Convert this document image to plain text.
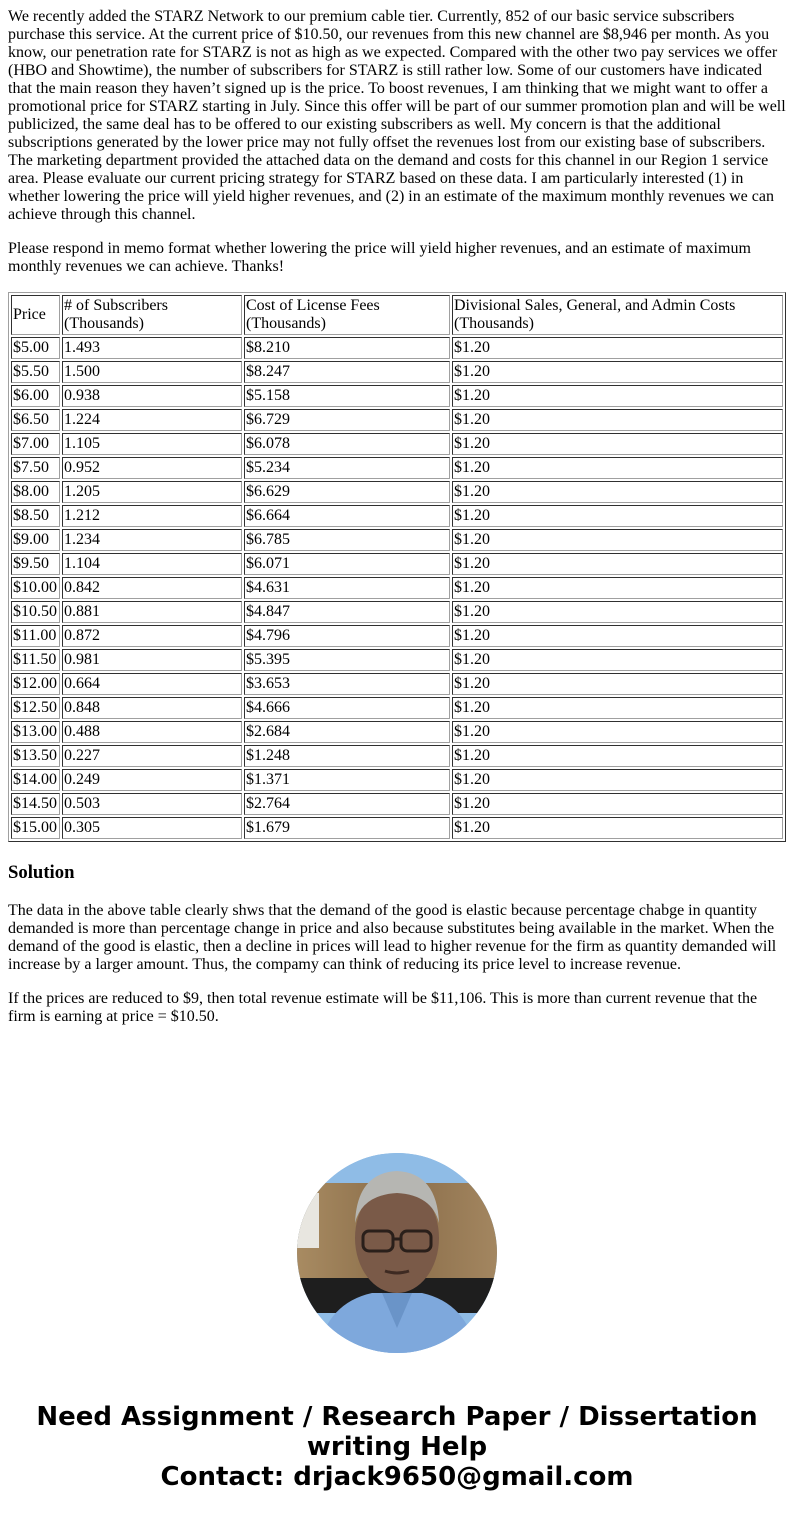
We recently added the STARZ Network to our premium cable tier. Currently, 852 of our basic service subscribers purchase this service. At the current price of $10.50, our revenues from this new channel are $8,946 per month. As you know, our penetration rate for STARZ is not as high as we expected. Compared with the other two pay services we offer (HBO and Showtime), the number of subscribers for STARZ is still rather low. Some of our customers have indicated that the main reason they haven’t signed up is the price. To boost revenues, I am thinking that we might want to offer a promotional price for STARZ starting in July. Since this offer will be part of our summer promotion plan and will be well publicized, the same deal has to be offered to our existing subscribers as well. My concern is that the additional subscriptions generated by the lower price may not fully offset the revenues lost from our existing base of subscribers. The marketing department provided the attached data on the demand and costs for this channel in our Region 1 service area. Please evaluate our current pricing strategy for STARZ based on these data. I am particularly interested (1) in whether lowering the price will yield higher revenues, and (2) in an estimate of the maximum monthly revenues we can achieve through this channel.

Please respond in memo format whether lowering the price will yield higher revenues, and an estimate of maximum monthly revenues we can achieve. Thanks!

Price	# of Subscribers (Thousands)	Cost of License Fees (Thousands)	Divisional Sales, General, and Admin Costs (Thousands)
$5.00	1.493	$8.210	$1.20
$5.50	1.500	$8.247	$1.20
$6.00	0.938	$5.158	$1.20
$6.50	1.224	$6.729	$1.20
$7.00	1.105	$6.078	$1.20
$7.50	0.952	$5.234	$1.20
$8.00	1.205	$6.629	$1.20
$8.50	1.212	$6.664	$1.20
$9.00	1.234	$6.785	$1.20
$9.50	1.104	$6.071	$1.20
$10.00	0.842	$4.631	$1.20
$10.50	0.881	$4.847	$1.20
$11.00	0.872	$4.796	$1.20
$11.50	0.981	$5.395	$1.20
$12.00	0.664	$3.653	$1.20
$12.50	0.848	$4.666	$1.20
$13.00	0.488	$2.684	$1.20
$13.50	0.227	$1.248	$1.20
$14.00	0.249	$1.371	$1.20
$14.50	0.503	$2.764	$1.20
$15.00	0.305	$1.679	$1.20
Solution

The data in the above table clearly shws that the demand of the good is elastic because percentage chabge in quantity demanded is more than percentage change in price and also because substitutes being available in the market. When the demand of the good is elastic, then a decline in prices will lead to higher revenue for the firm as quantity demanded will increase by a larger amount. Thus, the compamy can think of reducing its price level to increase revenue.

If the prices are reduced to $9, then total revenue estimate will be $11,106. This is more than current revenue that the firm is earning at price = $10.50.

Need Assignment / Research Paper / Dissertation writing Help
Contact: drjack9650@gmail.com
